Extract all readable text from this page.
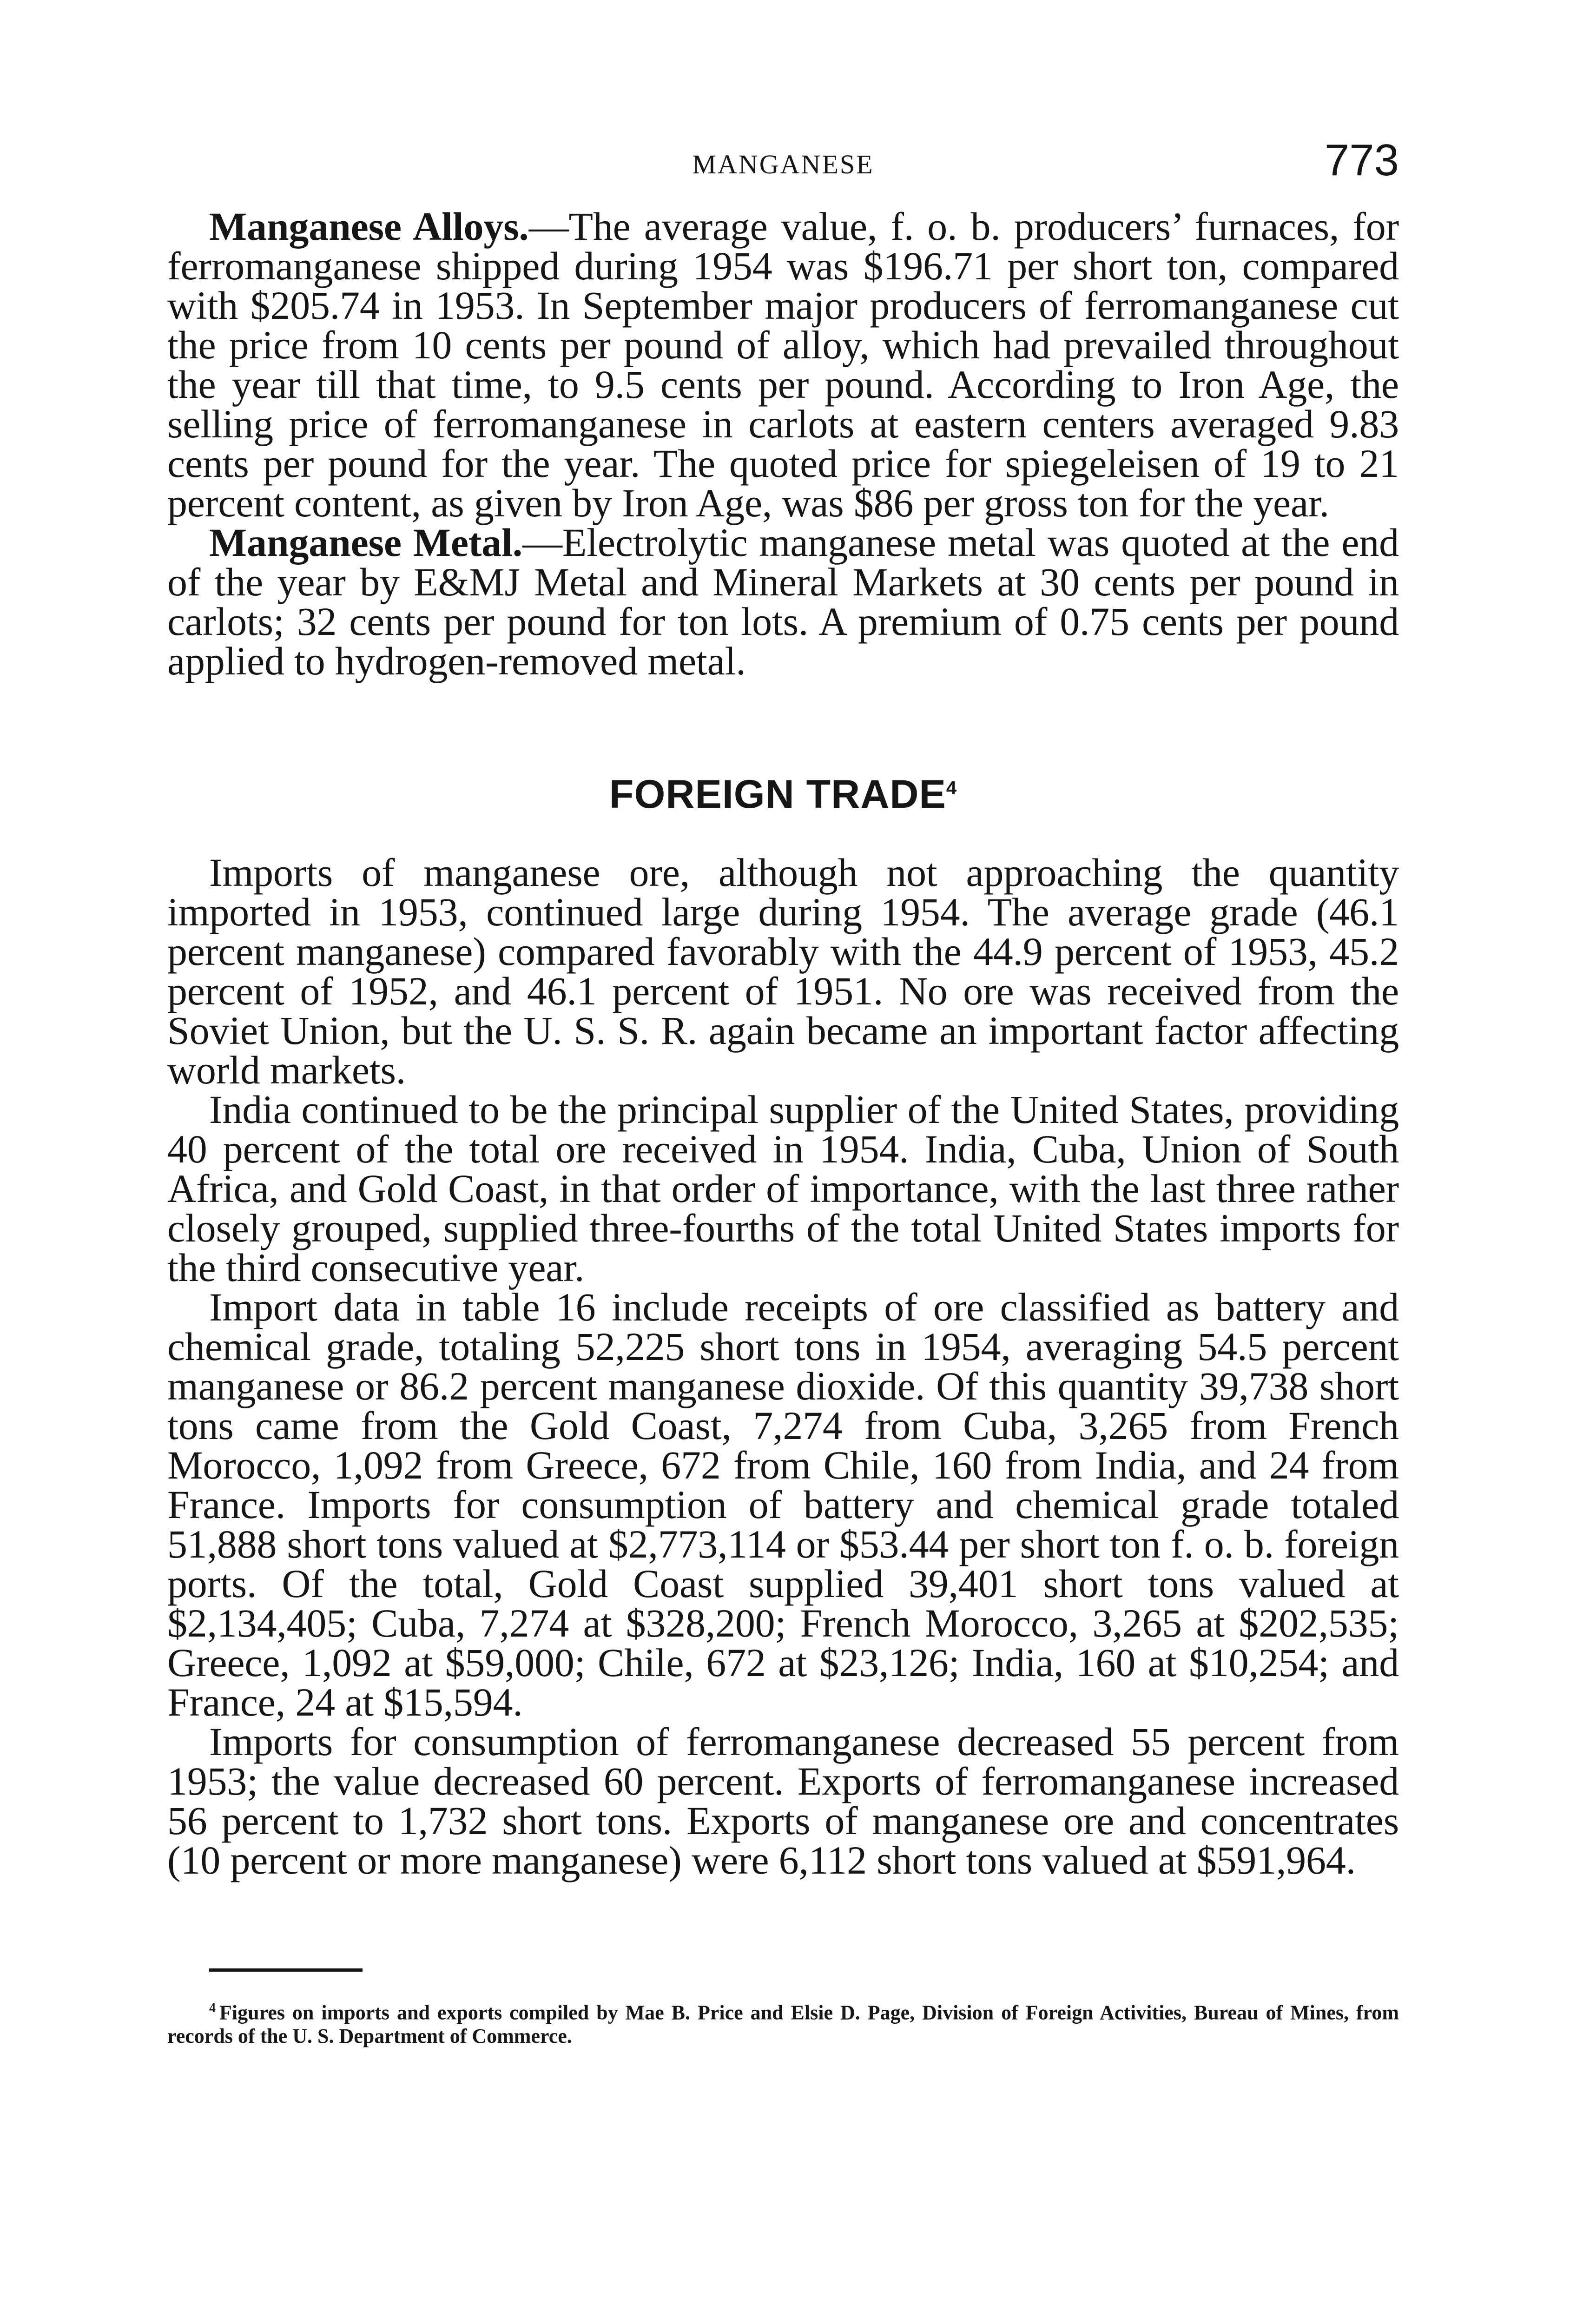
MANGANESE	773

Manganese Alloys.—The average value, f. o. b. producers’ furnaces, for ferromanganese shipped during 1954 was $196.71 per short ton, compared with $205.74 in 1953. In September major producers of ferromanganese cut the price from 10 cents per pound of alloy, which had prevailed throughout the year till that time, to 9.5 cents per pound. According to Iron Age, the selling price of ferromanganese in carlots at eastern centers averaged 9.83 cents per pound for the year. The quoted price for spiegeleisen of 19 to 21 percent content, as given by Iron Age, was $86 per gross ton for the year.

Manganese Metal.—Electrolytic manganese metal was quoted at the end of the year by E&MJ Metal and Mineral Markets at 30 cents per pound in carlots; 32 cents per pound for ton lots. A premium of 0.75 cents per pound applied to hydrogen-removed metal.

FOREIGN TRADE$^4$

Imports of manganese ore, although not approaching the quantity imported in 1953, continued large during 1954. The average grade (46.1 percent manganese) compared favorably with the 44.9 percent of 1953, 45.2 percent of 1952, and 46.1 percent of 1951. No ore was received from the Soviet Union, but the U. S. S. R. again became an important factor affecting world markets.

India continued to be the principal supplier of the United States, providing 40 percent of the total ore received in 1954. India, Cuba, Union of South Africa, and Gold Coast, in that order of importance, with the last three rather closely grouped, supplied three-fourths of the total United States imports for the third consecutive year.

Import data in table 16 include receipts of ore classified as battery and chemical grade, totaling 52,225 short tons in 1954, averaging 54.5 percent manganese or 86.2 percent manganese dioxide. Of this quantity 39,738 short tons came from the Gold Coast, 7,274 from Cuba, 3,265 from French Morocco, 1,092 from Greece, 672 from Chile, 160 from India, and 24 from France. Imports for consumption of battery and chemical grade totaled 51,888 short tons valued at $2,773,114 or $53.44 per short ton f. o. b. foreign ports. Of the total, Gold Coast supplied 39,401 short tons valued at $2,134,405; Cuba, 7,274 at $328,200; French Morocco, 3,265 at $202,535; Greece, 1,092 at $59,000; Chile, 672 at $23,126; India, 160 at $10,254; and France, 24 at $15,594.

Imports for consumption of ferromanganese decreased 55 percent from 1953; the value decreased 60 percent. Exports of ferromanganese increased 56 percent to 1,732 short tons. Exports of manganese ore and concentrates (10 percent or more manganese) were 6,112 short tons valued at $591,964.

$^4$ Figures on imports and exports compiled by Mae B. Price and Elsie D. Page, Division of Foreign Activities, Bureau of Mines, from records of the U. S. Department of Commerce.
